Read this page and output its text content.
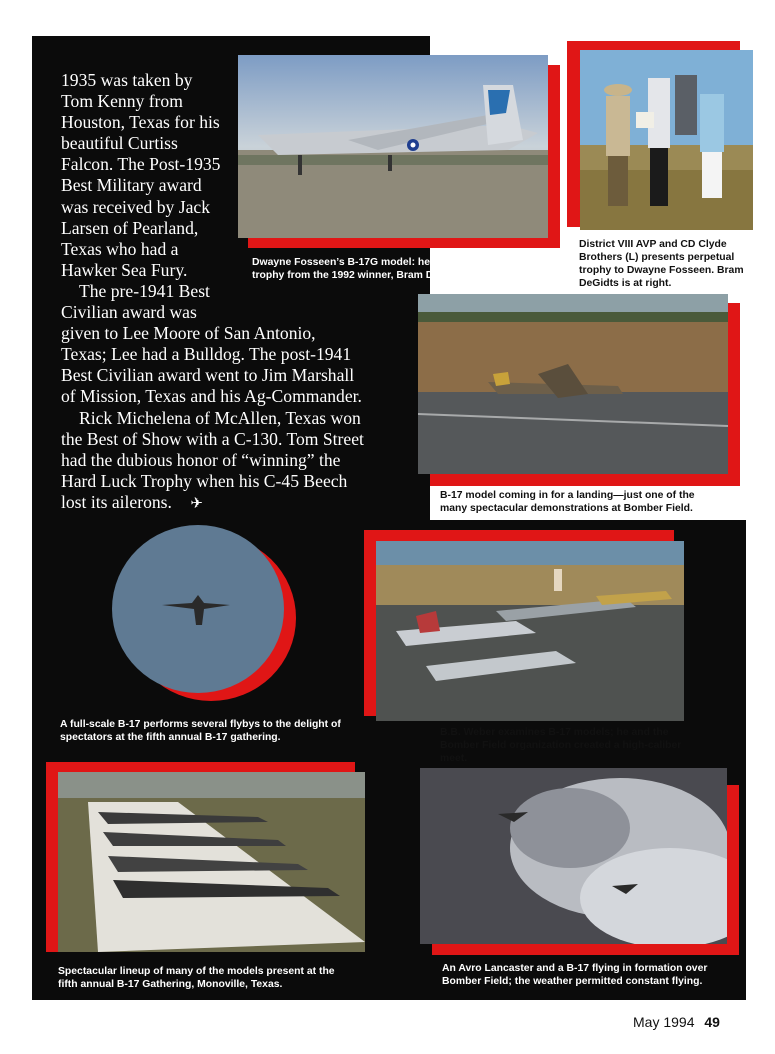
1935 was taken by
Tom Kenny from
Houston, Texas for his
beautiful Curtiss
Falcon. The Post-1935
Best Military award
was received by Jack
Larsen of Pearland,
Texas who had a
Hawker Sea Fury.
The pre-1941 Best
Civilian award was
given to Lee Moore of San Antonio,
Texas; Lee had a Bulldog. The post-1941
Best Civilian award went to Jim Marshall
of Mission, Texas and his Ag-Commander.
Rick Michelena of McAllen, Texas won
the Best of Show with a C-130. Tom Street
had the dubious honor of “winning” the
Hard Luck Trophy when his C-45 Beech
lost its ailerons. ✈
Dwayne Fosseen’s B-17G model: he won the perpetual
trophy from the 1992 winner, Bram DeGidts.
District VIII AVP and CD Clyde
Brothers (L) presents perpetual
trophy to Dwayne Fosseen. Bram
DeGidts is at right.
B-17 model coming in for a landing—just one of the
many spectacular demonstrations at Bomber Field.
A full-scale B-17 performs several flybys to the delight of
spectators at the fifth annual B-17 gathering.	B.B. Weber examines B-17 models; he and the
Bomber Field organization created a high-caliber
meet.
Spectacular lineup of many of the models present at the
fifth annual B-17 Gathering, Monoville, Texas.
An Avro Lancaster and a B-17 flying in formation over
Bomber Field; the weather permitted constant flying.
May 1994 49
